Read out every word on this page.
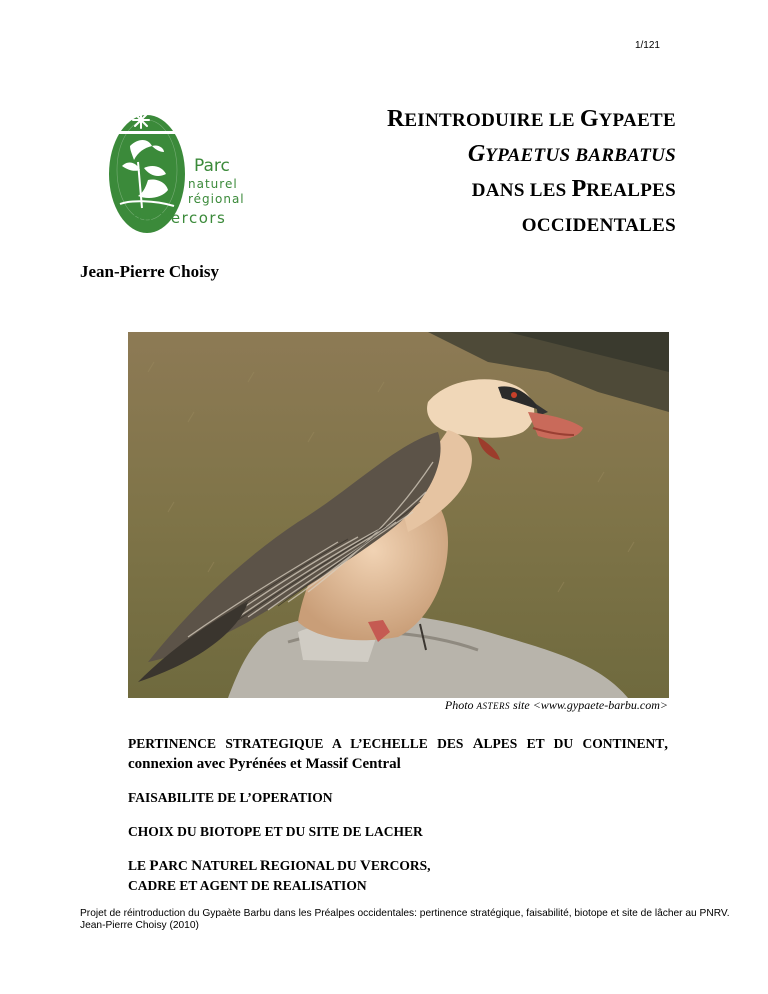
1/121
Parc
naturel
régional
du Vercors
REINTRODUIRE LE GYPAETE
GYPAETUS BARBATUS
DANS LES PREALPES
OCCIDENTALES
Jean-Pierre Choisy
Photo ASTERS site <www.gypaete-barbu.com>
PERTINENCE STRATEGIQUE A L’ECHELLE DES ALPES ET DU CONTINENT, connexion avec Pyrénées et Massif Central
FAISABILITE DE L’OPERATION
CHOIX DU BIOTOPE ET DU SITE DE LACHER
LE PARC NATUREL REGIONAL DU VERCORS,
CADRE ET AGENT DE REALISATION
Projet de réintroduction du Gypaète Barbu dans les Préalpes occidentales: pertinence stratégique, faisabilité, biotope et site de lâcher au PNRV.
Jean-Pierre Choisy (2010)
